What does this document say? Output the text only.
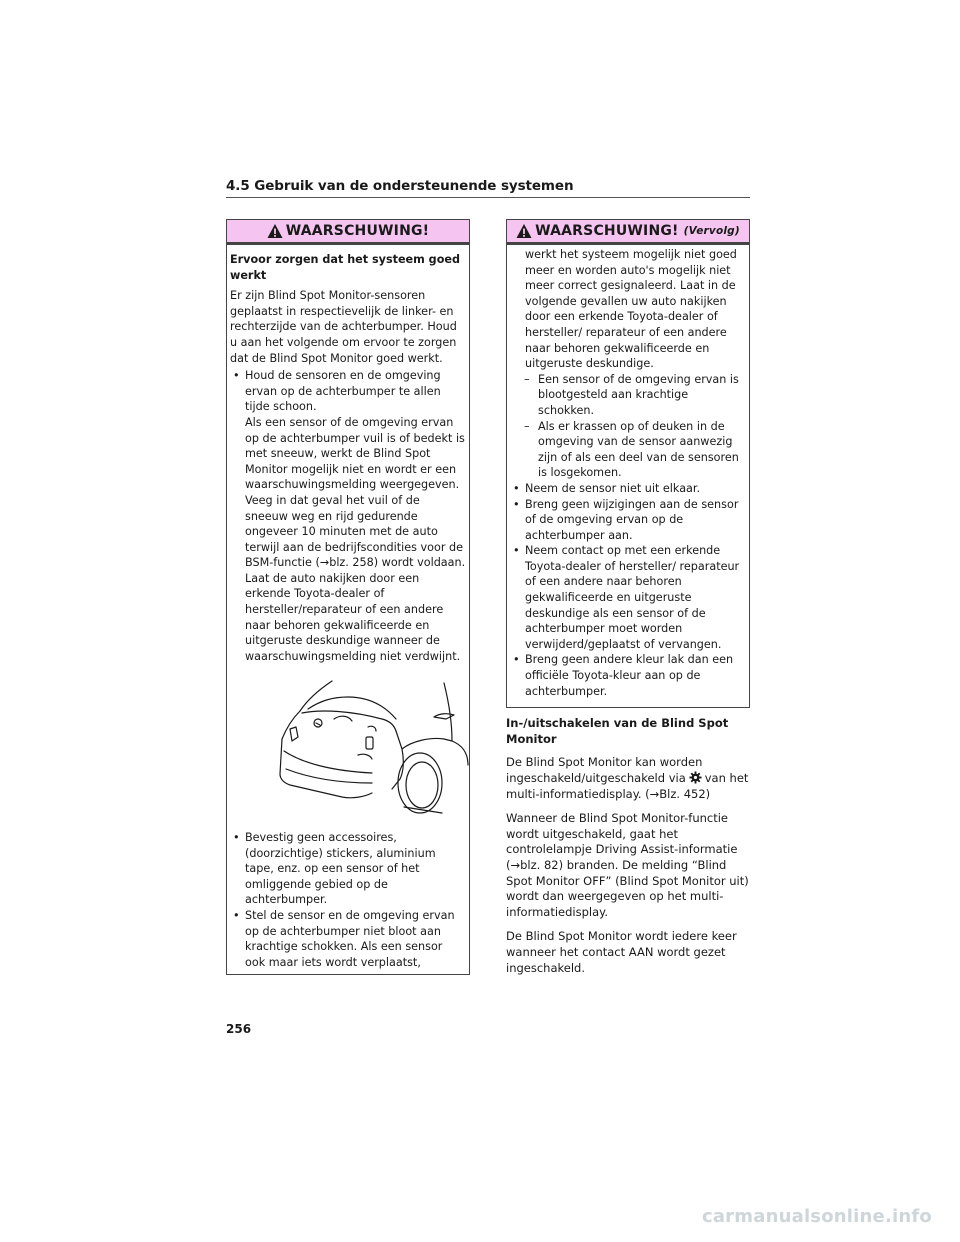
4.5 Gebruik van de ondersteunende systemen
WAARSCHUWING!

Ervoor zorgen dat het systeem goed werkt

Er zijn Blind Spot Monitor-sensoren geplaatst in respectievelijk de linker- en rechterzijde van de achterbumper. Houd u aan het volgende om ervoor te zorgen dat de Blind Spot Monitor goed werkt.

• Houd de sensoren en de omgeving ervan op de achterbumper te allen tijde schoon.

Als een sensor of de omgeving ervan op de achterbumper vuil is of bedekt is met sneeuw, werkt de Blind Spot Monitor mogelijk niet en wordt er een waarschuwingsmelding weergegeven. Veeg in dat geval het vuil of de sneeuw weg en rijd gedurende ongeveer 10 minuten met de auto terwijl aan de bedrijfscondities voor de BSM-functie (→blz. 258) wordt voldaan. Laat de auto nakijken door een erkende Toyota-dealer of hersteller/reparateur of een andere naar behoren gekwalificeerde en uitgeruste deskundige wanneer de waarschuwingsmelding niet verdwijnt.

• Bevestig geen accessoires, (doorzichtige) stickers, aluminium tape, enz. op een sensor of het omliggende gebied op de achterbumper.
• Stel de sensor en de omgeving ervan op de achterbumper niet bloot aan krachtige schokken. Als een sensor ook maar iets wordt verplaatst,
WAARSCHUWING! (Vervolg)

werkt het systeem mogelijk niet goed meer en worden auto's mogelijk niet meer correct gesignaleerd. Laat in de volgende gevallen uw auto nakijken door een erkende Toyota-dealer of hersteller/ reparateur of een andere naar behoren gekwalificeerde en uitgeruste deskundige.

– Een sensor of de omgeving ervan is blootgesteld aan krachtige schokken.
– Als er krassen op of deuken in de omgeving van de sensor aanwezig zijn of als een deel van de sensoren is losgekomen.
• Neem de sensor niet uit elkaar.
• Breng geen wijzigingen aan de sensor of de omgeving ervan op de achterbumper aan.
• Neem contact op met een erkende Toyota-dealer of hersteller/ reparateur of een andere naar behoren gekwalificeerde en uitgeruste deskundige als een sensor of de achterbumper moet worden verwijderd/geplaatst of vervangen.
• Breng geen andere kleur lak dan een officiële Toyota-kleur aan op de achterbumper.
In-/uitschakelen van de Blind Spot Monitor

De Blind Spot Monitor kan worden ingeschakeld/uitgeschakeld via van het multi-informatiedisplay. (→Blz. 452)

Wanneer de Blind Spot Monitor-functie wordt uitgeschakeld, gaat het controlelampje Driving Assist-informatie (→blz. 82) branden. De melding “Blind Spot Monitor OFF” (Blind Spot Monitor uit) wordt dan weergegeven op het multi-informatiedisplay.

De Blind Spot Monitor wordt iedere keer wanneer het contact AAN wordt gezet ingeschakeld.

256
carmanualsonline.info
